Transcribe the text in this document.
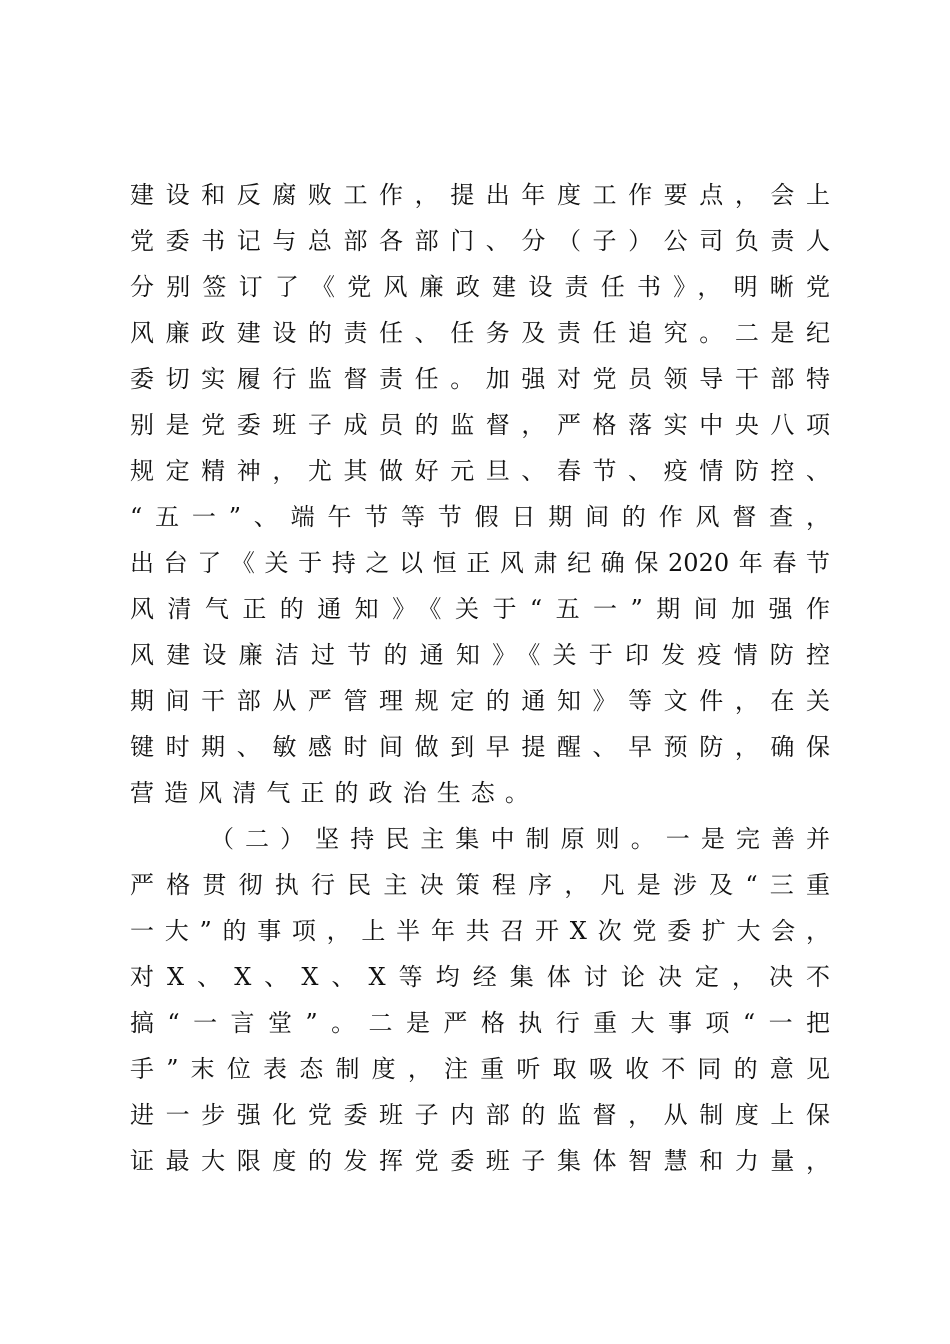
建设和反腐败工作，提出年度工作要点，会上
党委书记与总部各部门、分（子）公司负责人
分别签订了《党风廉政建设责任书》，明晰党
风廉政建设的责任、任务及责任追究。二是纪
委切实履行监督责任。加强对党员领导干部特
别是党委班子成员的监督，严格落实中央八项
规定精神，尤其做好元旦、春节、疫情防控、
“五一”、端午节等节假日期间的作风督查，
出台了《关于持之以恒正风肃纪确保2020年春节
风清气正的通知》《关于“五一”期间加强作
风建设廉洁过节的通知》《关于印发疫情防控
期间干部从严管理规定的通知》等文件，在关
键时期、敏感时间做到早提醒、早预防，确保
营造风清气正的政治生态。
（二）坚持民主集中制原则。一是完善并
严格贯彻执行民主决策程序，凡是涉及“三重
一大”的事项，上半年共召开X次党委扩大会，
对X、X、X、X等均经集体讨论决定，决不
搞“一言堂”。二是严格执行重大事项“一把
手”末位表态制度，注重听取吸收不同的意见
进一步强化党委班子内部的监督，从制度上保
证最大限度的发挥党委班子集体智慧和力量，
